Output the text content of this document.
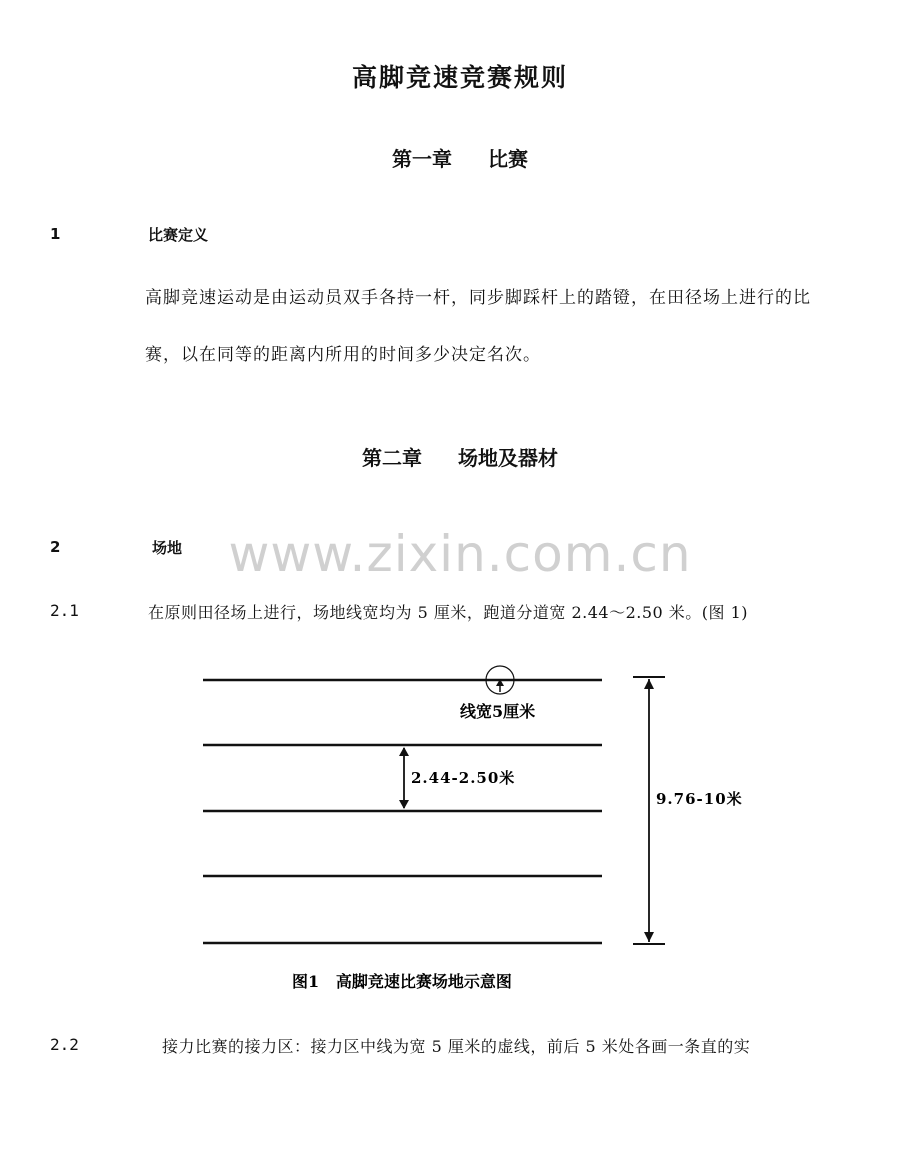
高脚竞速竞赛规则
第一章 比赛
1	比赛定义
高脚竞速运动是由运动员双手各持一杆，同步脚踩杆上的踏镫，在田径场上进行的比赛，以在同等的距离内所用的时间多少决定名次。
第二章 场地及器材
2	场地 www.zixin.com.cn
2.1	在原则田径场上进行，场地线宽均为 5 厘米，跑道分道宽 2.44～2.50 米。(图 1)
线宽5厘米
2.44-2.50米
9.76-10米
图1   高脚竞速比赛场地示意图
2.2	接力比赛的接力区：接力区中线为宽 5 厘米的虚线，前后 5 米处各画一条直的实
